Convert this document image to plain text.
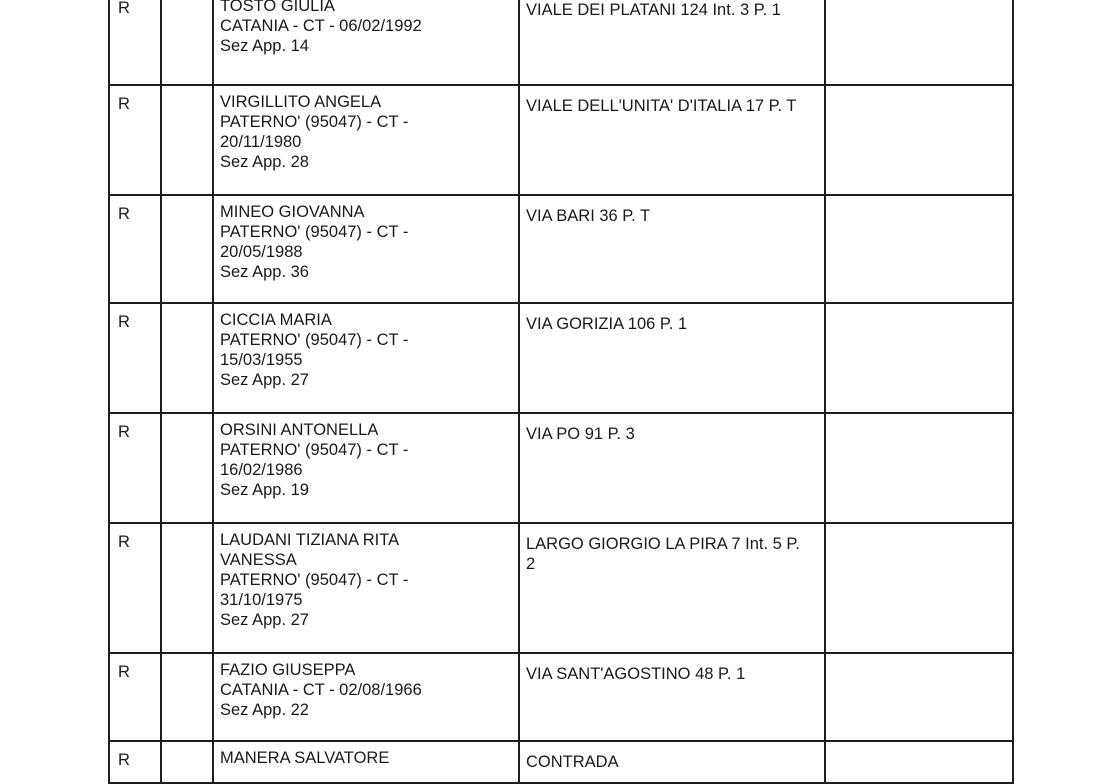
R		TOSTO GIULIA
CATANIA - CT - 06/02/1992
Sez App. 14	VIALE DEI PLATANI 124 Int. 3 P. 1	

R		VIRGILLITO ANGELA
PATERNO' (95047) - CT -
20/11/1980
Sez App. 28	VIALE DELL'UNITA' D'ITALIA 17 P. T	

R		MINEO GIOVANNA
PATERNO' (95047) - CT -
20/05/1988
Sez App. 36	VIA BARI 36 P. T	

R		CICCIA MARIA
PATERNO' (95047) - CT -
15/03/1955
Sez App. 27	VIA GORIZIA 106 P. 1	

R		ORSINI ANTONELLA
PATERNO' (95047) - CT -
16/02/1986
Sez App. 19	VIA PO 91 P. 3	

R		LAUDANI TIZIANA RITA
VANESSA
PATERNO' (95047) - CT -
31/10/1975
Sez App. 27	LARGO GIORGIO LA PIRA 7 Int. 5 P. 2	

R		FAZIO GIUSEPPA
CATANIA - CT - 02/08/1966
Sez App. 22	VIA SANT'AGOSTINO 48 P. 1	

R		MANERA SALVATORE	CONTRADA	
